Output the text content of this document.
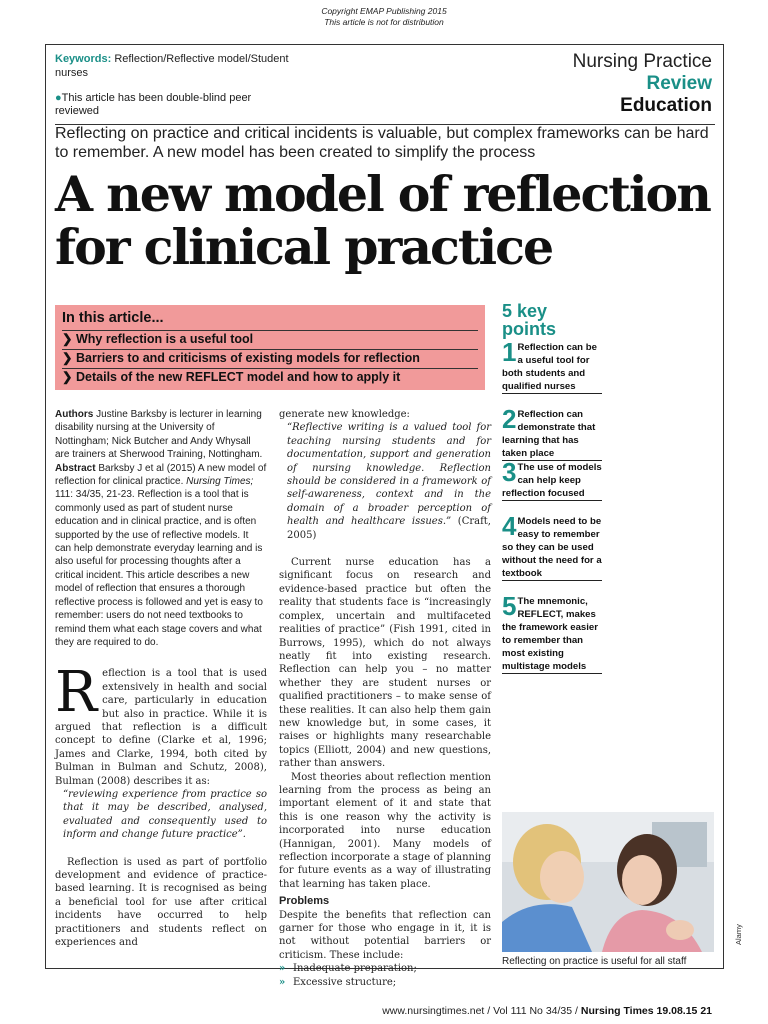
Copyright EMAP Publishing 2015
This article is not for distribution
Keywords: Reflection/Reflective model/Student nurses
●This article has been double-blind peer reviewed
Nursing Practice
Review
Education
Reflecting on practice and critical incidents is valuable, but complex frameworks can be hard to remember. A new model has been created to simplify the process
A new model of reflection
for clinical practice
In this article...
❯ Why reflection is a useful tool
❯ Barriers to and criticisms of existing models for reflection
❯ Details of the new REFLECT model and how to apply it
5 key
points
1 Reflection can be a useful tool for both students and qualified nurses
2 Reflection can demonstrate that learning that has taken place
3 The use of models can help keep reflection focused
4 Models need to be easy to remember so they can be used without the need for a textbook
5 The mnemonic, REFLECT, makes the framework easier to remember than most existing multistage models

Authors Justine Barksby is lecturer in learning disability nursing at the University of Nottingham; Nick Butcher and Andy Whysall are trainers at Sherwood Training, Nottingham.

Abstract Barksby J et al (2015) A new model of reflection for clinical practice. Nursing Times; 111: 34/35, 21-23. Reflection is a tool that is commonly used as part of student nurse education and in clinical practice, and is often supported by the use of reflective models. It can help demonstrate everyday learning and is also useful for processing thoughts after a critical incident. This article describes a new model of reflection that ensures a thorough reflective process is followed and yet is easy to remember: users do not need textbooks to remind them what each stage covers and what they are required to do.

Reflection is a tool that is used extensively in health and social care, particularly in education but also in practice. While it is argued that reflection is a difficult concept to define (Clarke et al, 1996; James and Clarke, 1994, both cited by Bulman in Bulman and Schutz, 2008), Bulman (2008) describes it as:

“reviewing experience from practice so that it may be described, analysed, evaluated and consequently used to inform and change future practice”.

Reflection is used as part of portfolio development and evidence of practice-based learning. It is recognised as being a beneficial tool for use after critical incidents have occurred to help practitioners and students reflect on experiences and

generate new knowledge:

“Reflective writing is a valued tool for teaching nursing students and for documentation, support and generation of nursing knowledge. Reflection should be considered in a framework of self-awareness, context and in the domain of a broader perception of health and healthcare issues.” (Craft, 2005)

Current nurse education has a significant focus on research and evidence-based practice but often the reality that students face is “increasingly complex, uncertain and multifaceted realities of practice” (Fish 1991, cited in Burrows, 1995), which do not always neatly fit into existing research. Reflection can help you – no matter whether they are student nurses or qualified practitioners – to make sense of these realities. It can also help them gain new knowledge but, in some cases, it raises or highlights many researchable topics (Elliott, 2004) and new questions, rather than answers.

Most theories about reflection mention learning from the process as being an important element of it and state that this is one reason why the activity is incorporated into nurse education (Hannigan, 2001). Many models of reflection incorporate a stage of planning for future events as a way of illustrating that learning has taken place.

Problems

Despite the benefits that reflection can garner for those who engage in it, it is not without potential barriers or criticism. These include:

» Inadequate preparation;

» Excessive structure;

Reflecting on practice is useful for all staff
Alamy
www.nursingtimes.net / Vol 111 No 34/35 / Nursing Times 19.08.15 21
